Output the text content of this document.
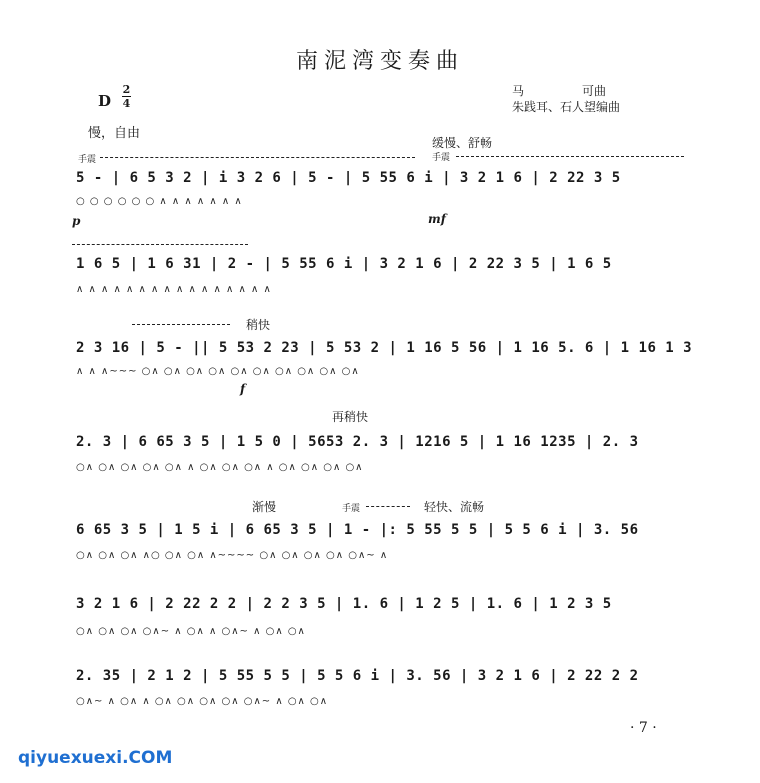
南泥湾变奏曲
D
2
4
马可曲
朱践耳、石人望编曲
慢，自由
缓慢、舒畅
手震	手震
5 - | 6 5 3 2 | i 3 2 6 | 5 - | 5 55 6 i | 3 2 1 6 | 2 22 3 5
○ ○ ○ ○ ○ ○ ∧ ∧ ∧ ∧ ∧ ∧ ∧
p	mf
1 6 5 | 1 6 31 | 2 - | 5 55 6 i | 3 2 1 6 | 2 22 3 5 | 1 6 5
∧ ∧ ∧ ∧ ∧ ∧ ∧ ∧ ∧ ∧ ∧ ∧ ∧ ∧ ∧ ∧
稍快
2 3 16 | 5 - || 5 53 2 23 | 5 53 2 | 1 16 5 56 | 1 16 5. 6 | 1 16 1 3
∧ ∧ ∧~~~ ○∧ ○∧ ○∧ ○∧ ○∧ ○∧ ○∧ ○∧ ○∧ ○∧
f
再稍快
2. 3 | 6 65 3 5 | 1 5 0 | 5653 2. 3 | 1216 5 | 1 16 1235 | 2. 3
○∧ ○∧ ○∧ ○∧ ○∧ ∧ ○∧ ○∧ ○∧ ∧ ○∧ ○∧ ○∧ ○∧
渐慢	手震	轻快、流畅
6 65 3 5 | 1 5 i | 6 65 3 5 | 1 - |: 5 55 5 5 | 5 5 6 i | 3. 56
○∧ ○∧ ○∧ ∧○ ○∧ ○∧ ∧~~~~ ○∧ ○∧ ○∧ ○∧ ○∧~ ∧
3 2 1 6 | 2 22 2 2 | 2 2 3 5 | 1. 6 | 1 2 5 | 1. 6 | 1 2 3 5
○∧ ○∧ ○∧ ○∧~ ∧ ○∧ ∧ ○∧~ ∧ ○∧ ○∧
2. 35 | 2 1 2 | 5 55 5 5 | 5 5 6 i | 3. 56 | 3 2 1 6 | 2 22 2 2
○∧~ ∧ ○∧ ∧ ○∧ ○∧ ○∧ ○∧ ○∧~ ∧ ○∧ ○∧
· 7 ·
qiyuexuexi.COM
